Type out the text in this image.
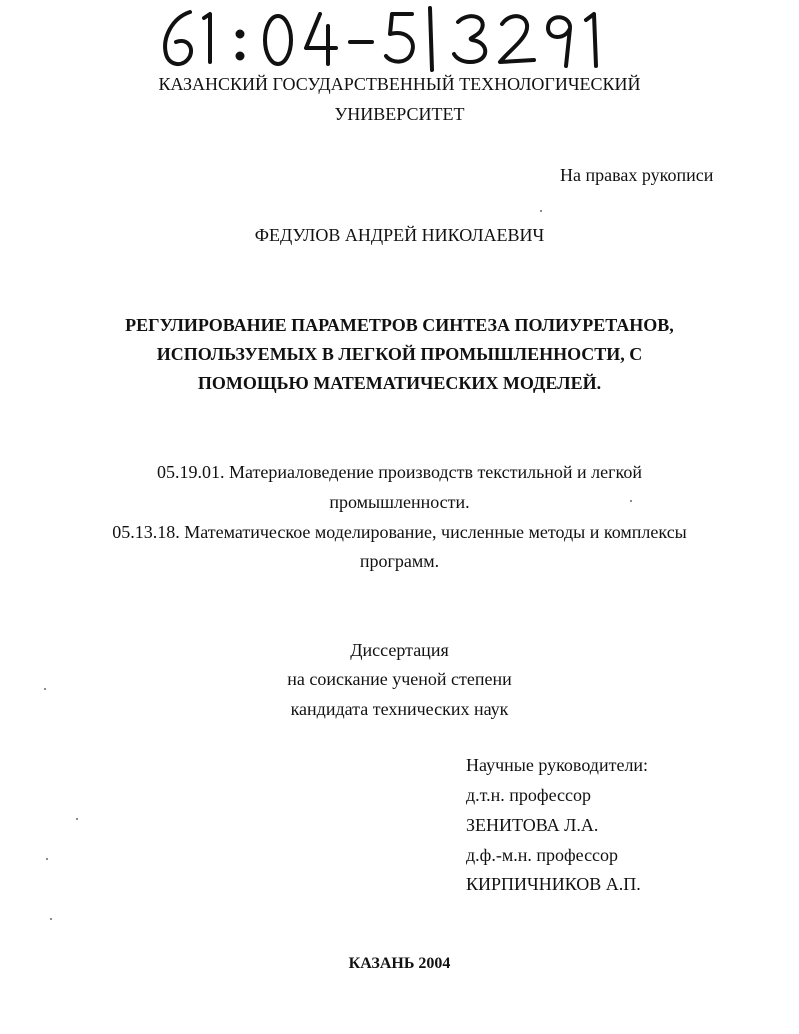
КАЗАНСКИЙ ГОСУДАРСТВЕННЫЙ ТЕХНОЛОГИЧЕСКИЙ
УНИВЕРСИТЕТ
На правах рукописи
ФЕДУЛОВ АНДРЕЙ НИКОЛАЕВИЧ
РЕГУЛИРОВАНИЕ ПАРАМЕТРОВ СИНТЕЗА ПОЛИУРЕТАНОВ,
ИСПОЛЬЗУЕМЫХ В ЛЕГКОЙ ПРОМЫШЛЕННОСТИ, С
ПОМОЩЬЮ МАТЕМАТИЧЕСКИХ МОДЕЛЕЙ.
05.19.01. Материаловедение производств текстильной и легкой
промышленности.
05.13.18. Математическое моделирование, численные методы и комплексы
программ.
Диссертация
на соискание ученой степени
кандидата технических наук
Научные руководители:
д.т.н. профессор
ЗЕНИТОВА Л.А.
д.ф.-м.н. профессор
КИРПИЧНИКОВ А.П.
КАЗАНЬ 2004
